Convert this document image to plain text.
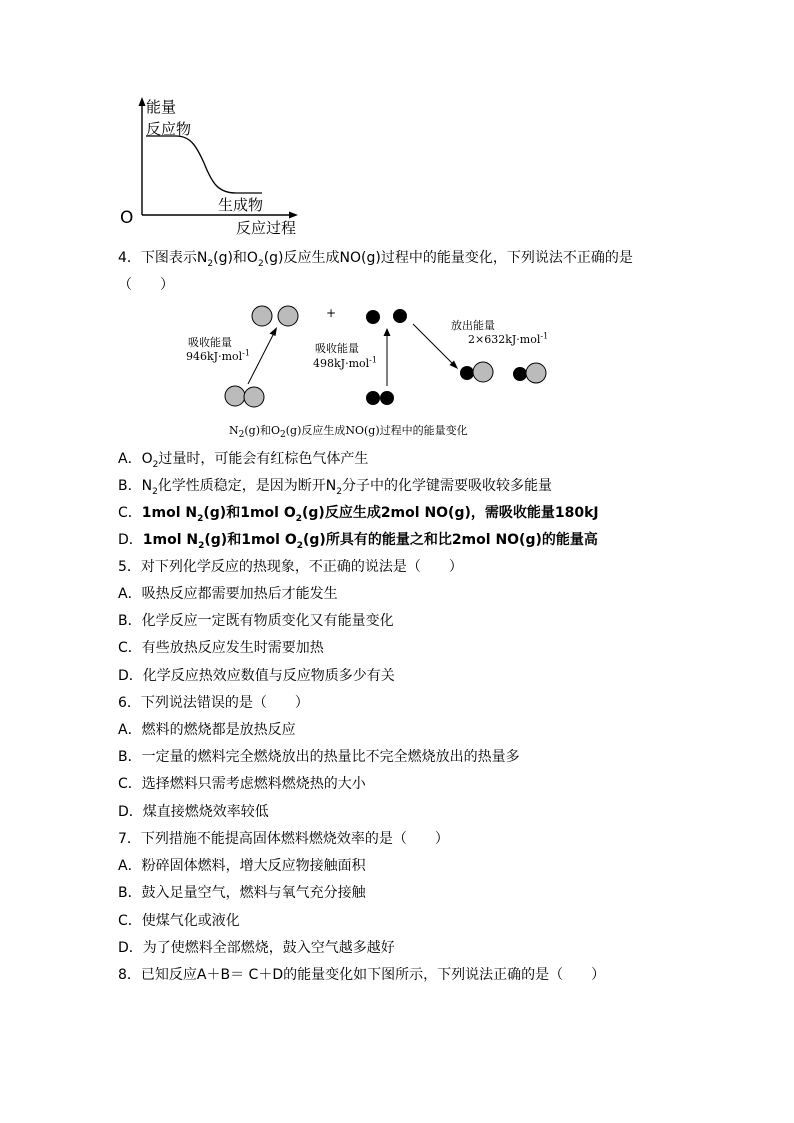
能量
反应物
生成物
O	反应过程
4．下图表示$N_2(g)$和$O_2(g)$反应生成NO(g)过程中的能量变化，下列说法不正确的是
（　　）
+
吸收能量
946kJ·mol$^{-1}$	吸收能量
498kJ·mol$^{-1}$
放出能量
2×632kJ·mol$^{-1}$
$N_2(g)$和$O_2(g)$反应生成NO(g)过程中的能量变化
A．$O_2$过量时，可能会有红棕色气体产生
B．$N_2$化学性质稳定，是因为断开$N_2$分子中的化学键需要吸收较多能量
C．1mol $N_2(g)$和1mol $O_2(g)$反应生成2mol NO(g)，需吸收能量180kJ
D．1mol $N_2(g)$和1mol $O_2(g)$所具有的能量之和比2mol NO(g)的能量高
5．对下列化学反应的热现象，不正确的说法是（　　）
A．吸热反应都需要加热后才能发生
B．化学反应一定既有物质变化又有能量变化
C．有些放热反应发生时需要加热
D．化学反应热效应数值与反应物质多少有关
6．下列说法错误的是（　　）
A．燃料的燃烧都是放热反应
B．一定量的燃料完全燃烧放出的热量比不完全燃烧放出的热量多
C．选择燃料只需考虑燃料燃烧热的大小
D．煤直接燃烧效率较低
7．下列措施不能提高固体燃料燃烧效率的是（　　）
A．粉碎固体燃料，增大反应物接触面积
B．鼓入足量空气，燃料与氧气充分接触
C．使煤气化或液化
D．为了使燃料全部燃烧，鼓入空气越多越好
8．已知反应A＋B＝ C＋D的能量变化如下图所示，下列说法正确的是（　　）
